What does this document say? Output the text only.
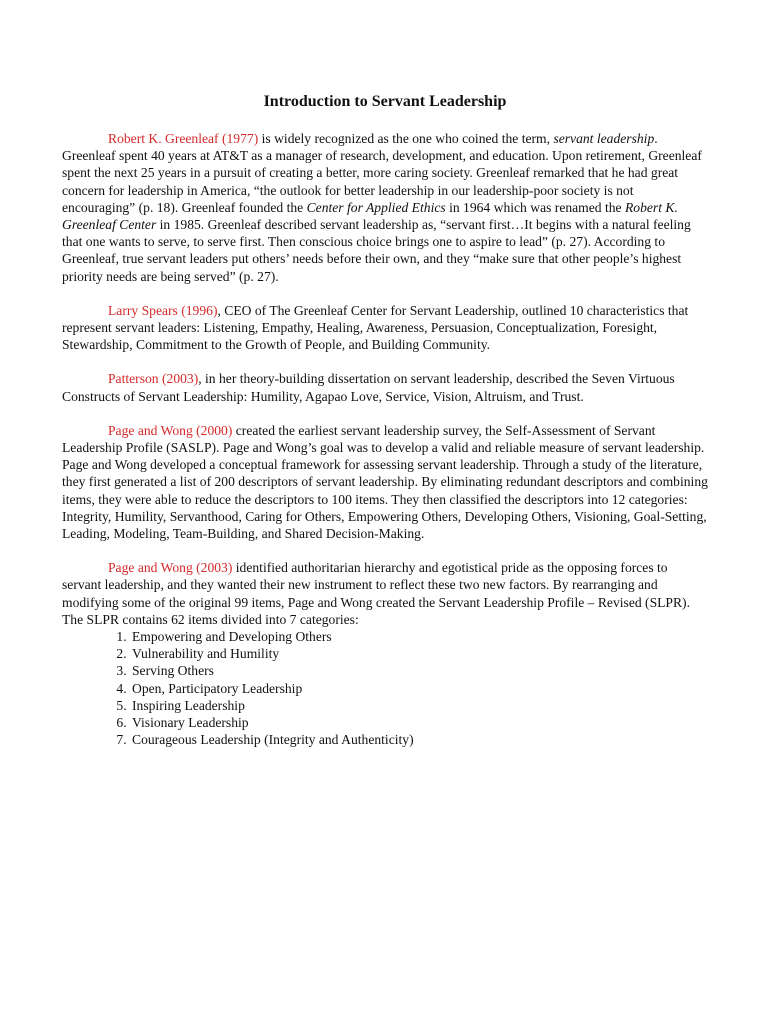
Introduction to Servant Leadership

Robert K. Greenleaf (1977) is widely recognized as the one who coined the term, servant leadership. Greenleaf spent 40 years at AT&T as a manager of research, development, and education. Upon retirement, Greenleaf spent the next 25 years in a pursuit of creating a better, more caring society. Greenleaf remarked that he had great concern for leadership in America, “the outlook for better leadership in our leadership-poor society is not encouraging” (p. 18). Greenleaf founded the Center for Applied Ethics in 1964 which was renamed the Robert K. Greenleaf Center in 1985. Greenleaf described servant leadership as, “servant first…It begins with a natural feeling that one wants to serve, to serve first. Then conscious choice brings one to aspire to lead” (p. 27). According to Greenleaf, true servant leaders put others’ needs before their own, and they “make sure that other people’s highest priority needs are being served” (p. 27).

Larry Spears (1996), CEO of The Greenleaf Center for Servant Leadership, outlined 10 characteristics that represent servant leaders: Listening, Empathy, Healing, Awareness, Persuasion, Conceptualization, Foresight, Stewardship, Commitment to the Growth of People, and Building Community.

Patterson (2003), in her theory-building dissertation on servant leadership, described the Seven Virtuous Constructs of Servant Leadership: Humility, Agapao Love, Service, Vision, Altruism, and Trust.

Page and Wong (2000) created the earliest servant leadership survey, the Self-Assessment of Servant Leadership Profile (SASLP). Page and Wong’s goal was to develop a valid and reliable measure of servant leadership. Page and Wong developed a conceptual framework for assessing servant leadership. Through a study of the literature, they first generated a list of 200 descriptors of servant leadership. By eliminating redundant descriptors and combining items, they were able to reduce the descriptors to 100 items. They then classified the descriptors into 12 categories: Integrity, Humility, Servanthood, Caring for Others, Empowering Others, Developing Others, Visioning, Goal-Setting, Leading, Modeling, Team-Building, and Shared Decision-Making.

Page and Wong (2003) identified authoritarian hierarchy and egotistical pride as the opposing forces to servant leadership, and they wanted their new instrument to reflect these two new factors. By rearranging and modifying some of the original 99 items, Page and Wong created the Servant Leadership Profile – Revised (SLPR). The SLPR contains 62 items divided into 7 categories:

1. Empowering and Developing Others
2. Vulnerability and Humility
3. Serving Others
4. Open, Participatory Leadership
5. Inspiring Leadership
6. Visionary Leadership
7. Courageous Leadership (Integrity and Authenticity)
